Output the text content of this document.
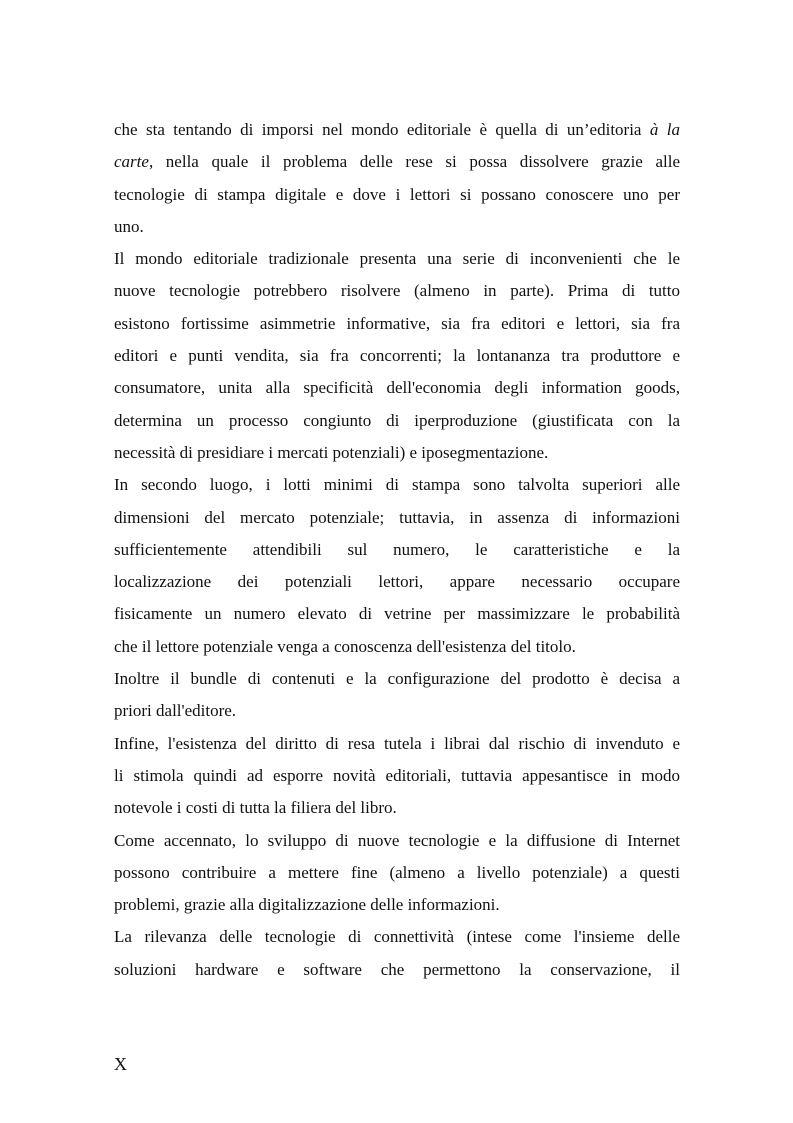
che sta tentando di imporsi nel mondo editoriale è quella di un’editoria à la
carte, nella quale il problema delle rese si possa dissolvere grazie alle
tecnologie di stampa digitale e dove i lettori si possano conoscere uno per
uno.
Il mondo editoriale tradizionale presenta una serie di inconvenienti che le
nuove tecnologie potrebbero risolvere (almeno in parte). Prima di tutto
esistono fortissime asimmetrie informative, sia fra editori e lettori, sia fra
editori e punti vendita, sia fra concorrenti; la lontananza tra produttore e
consumatore, unita alla specificità dell'economia degli information goods,
determina un processo congiunto di iperproduzione (giustificata con la
necessità di presidiare i mercati potenziali) e iposegmentazione.
In secondo luogo, i lotti minimi di stampa sono talvolta superiori alle
dimensioni del mercato potenziale; tuttavia, in assenza di informazioni
sufficientemente attendibili sul numero, le caratteristiche e la
localizzazione dei potenziali lettori, appare necessario occupare
fisicamente un numero elevato di vetrine per massimizzare le probabilità
che il lettore potenziale venga a conoscenza dell'esistenza del titolo.
Inoltre il bundle di contenuti e la configurazione del prodotto è decisa a
priori dall'editore.
Infine, l'esistenza del diritto di resa tutela i librai dal rischio di invenduto e
li stimola quindi ad esporre novità editoriali, tuttavia appesantisce in modo
notevole i costi di tutta la filiera del libro.
Come accennato, lo sviluppo di nuove tecnologie e la diffusione di Internet
possono contribuire a mettere fine (almeno a livello potenziale) a questi
problemi, grazie alla digitalizzazione delle informazioni.
La rilevanza delle tecnologie di connettività (intese come l'insieme delle
soluzioni hardware e software che permettono la conservazione, il
X
